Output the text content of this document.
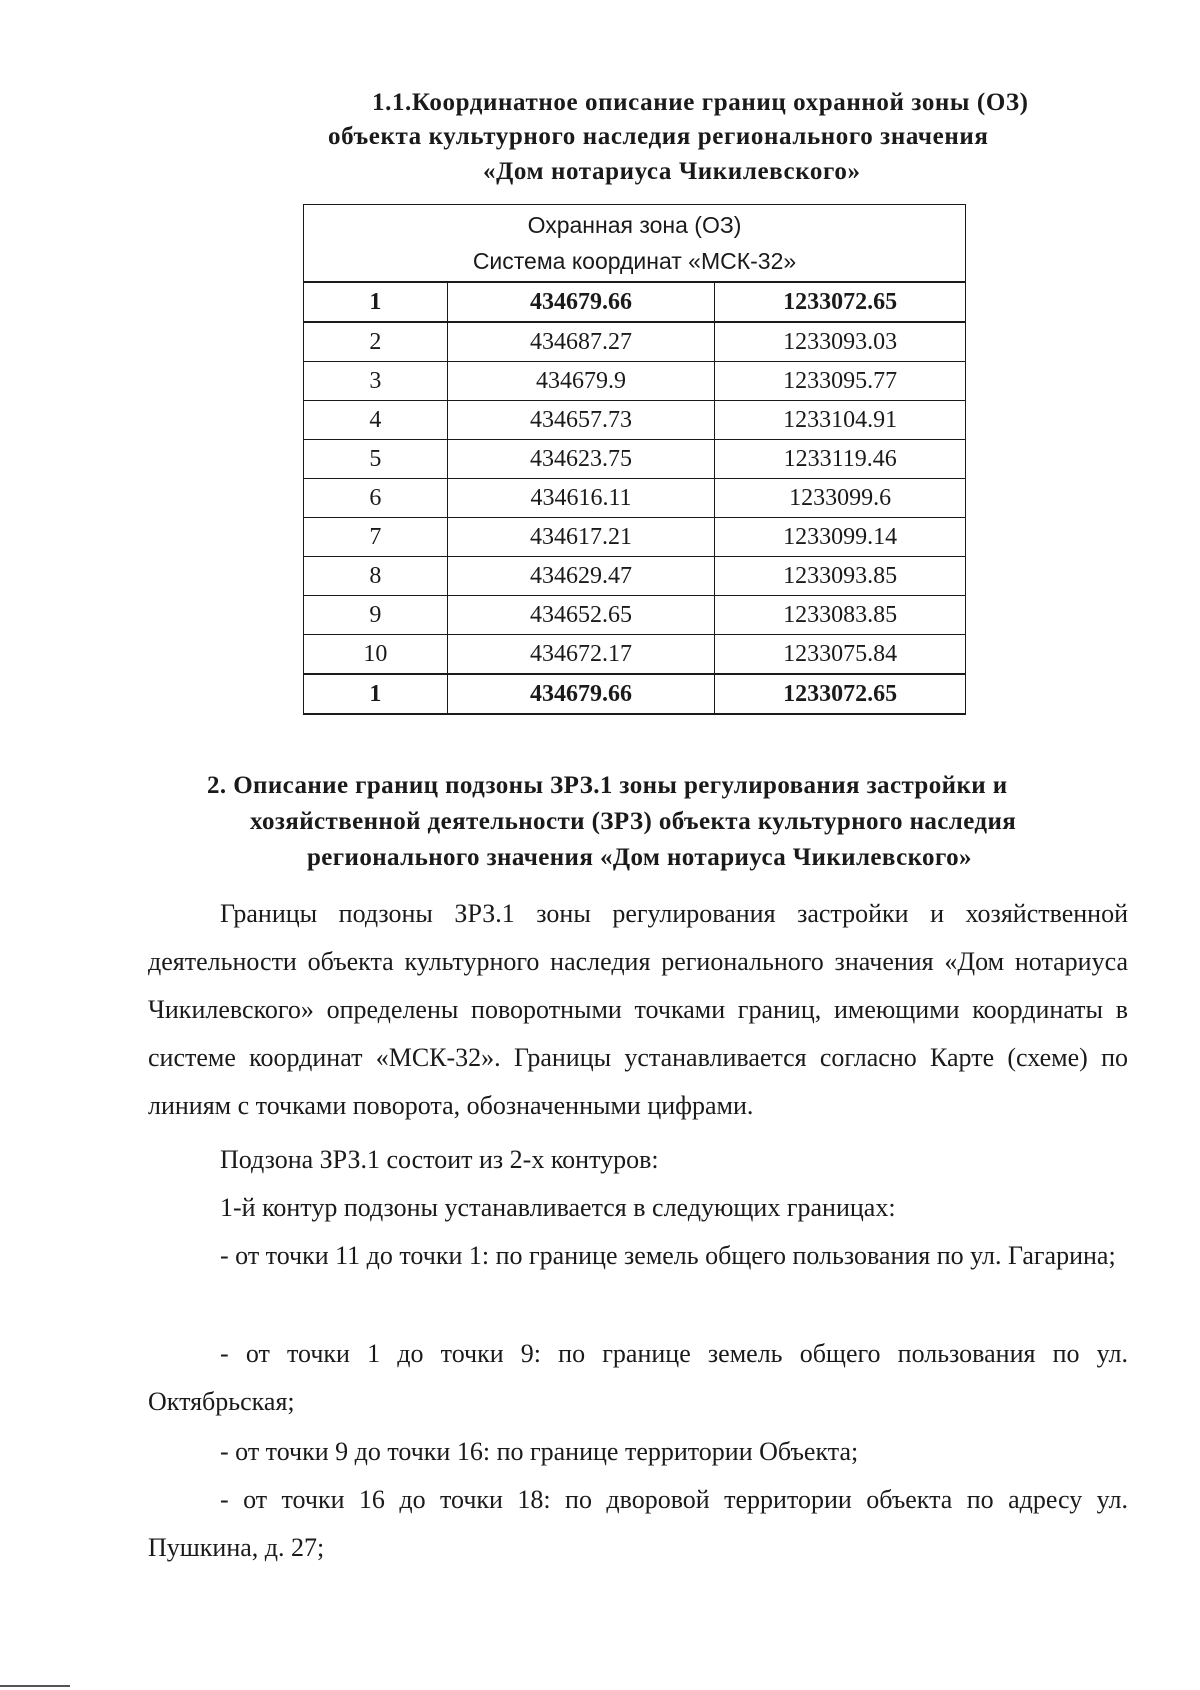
1.1.Координатное описание границ охранной зоны (ОЗ)
объекта культурного наследия регионального значения
«Дом нотариуса Чикилевского»
Охранная зона (ОЗ)
Система координат «МСК-32»		

1	434679.66	1233072.65
2	434687.27	1233093.03
3	434679.9	1233095.77
4	434657.73	1233104.91
5	434623.75	1233119.46
6	434616.11	1233099.6
7	434617.21	1233099.14
8	434629.47	1233093.85
9	434652.65	1233083.85
10	434672.17	1233075.84
1	434679.66	1233072.65
2. Описание границ подзоны ЗРЗ.1 зоны регулирования застройки и
хозяйственной деятельности (ЗРЗ) объекта культурного наследия
регионального значения «Дом нотариуса Чикилевского»

Границы подзоны ЗРЗ.1 зоны регулирования застройки и хозяйственной деятельности объекта культурного наследия регионального значения «Дом нотариуса Чикилевского» определены поворотными точками границ, имеющими координаты в системе координат «МСК-32». Границы устанавливается согласно Карте (схеме) по линиям с точками поворота, обозначенными цифрами.

Подзона ЗРЗ.1 состоит из 2-х контуров:

1-й контур подзоны устанавливается в следующих границах:

- от точки 11 до точки 1: по границе земель общего пользования по ул. Гагарина;

- от точки 1 до точки 9: по границе земель общего пользования по ул. Октябрьская;

- от точки 9 до точки 16: по границе территории Объекта;

- от точки 16 до точки 18: по дворовой территории объекта по адресу ул. Пушкина, д. 27;
